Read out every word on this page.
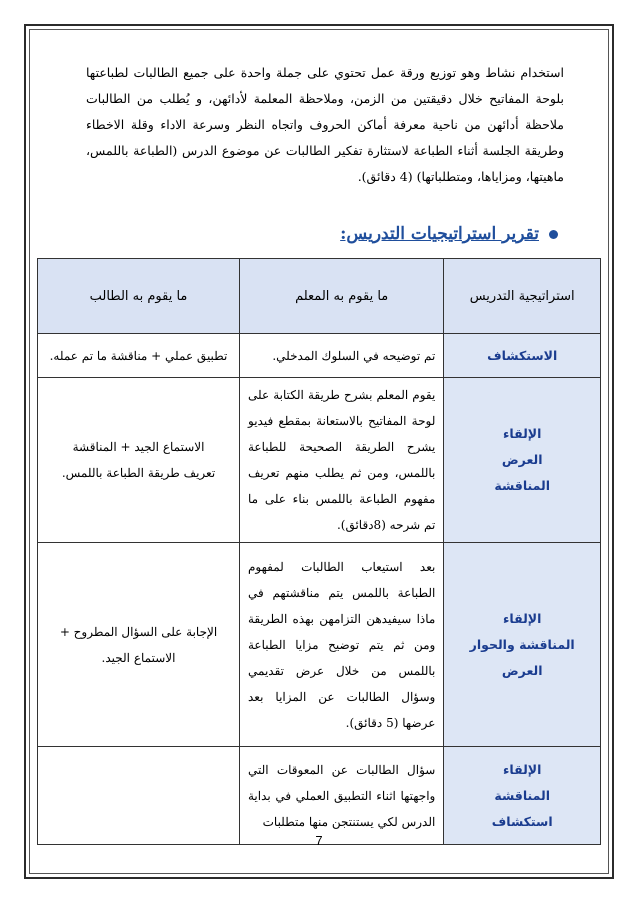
استخدام نشاط وهو توزيع ورقة عمل تحتوي على جملة واحدة على جميع الطالبات لطباعتها بلوحة المفاتيح خلال دقيقتين من الزمن، وملاحظة المعلمة لأدائهن، و يُطلب من الطالبات ملاحظة أدائهن من ناحية معرفة أماكن الحروف واتجاه النظر وسرعة الاداء وقلة الاخطاء وطريقة الجلسة أثناء الطباعة لاستثارة تفكير الطالبات عن موضوع الدرس (الطباعة باللمس، ماهيتها، ومزاياها، ومتطلباتها) (4 دقائق).

تقرير استراتيجيات التدريس:
استراتيجية التدريس	ما يقوم به المعلم	ما يقوم به الطالب

الاستكشاف	تم توضيحه في السلوك المدخلي.	تطبيق عملي + مناقشة ما تم عمله.

الإلقاء
العرض
المناقشة	يقوم المعلم بشرح طريقة الكتابة على لوحة المفاتيح بالاستعانة بمقطع فيديو يشرح الطريقة الصحيحة للطباعة باللمس، ومن ثم يطلب منهم تعريف مفهوم الطباعة باللمس بناء على ما تم شرحه (8دقائق).	الاستماع الجيد + المناقشة
تعريف طريقة الطباعة باللمس.

الإلقاء
المناقشة والحوار
العرض	بعد استيعاب الطالبات لمفهوم الطباعة باللمس يتم مناقشتهم في ماذا سيفيدهن التزامهن بهذه الطريقة ومن ثم يتم توضيح مزايا الطباعة باللمس من خلال عرض تقديمي وسؤال الطالبات عن المزايا بعد عرضها (5 دقائق).	الإجابة على السؤال المطروح +
الاستماع الجيد.

الإلقاء
المناقشة
استكشاف	سؤال الطالبات عن المعوقات التي واجهتها اثناء التطبيق العملي في بداية الدرس لكي يستنتجن منها متطلبات	
7
